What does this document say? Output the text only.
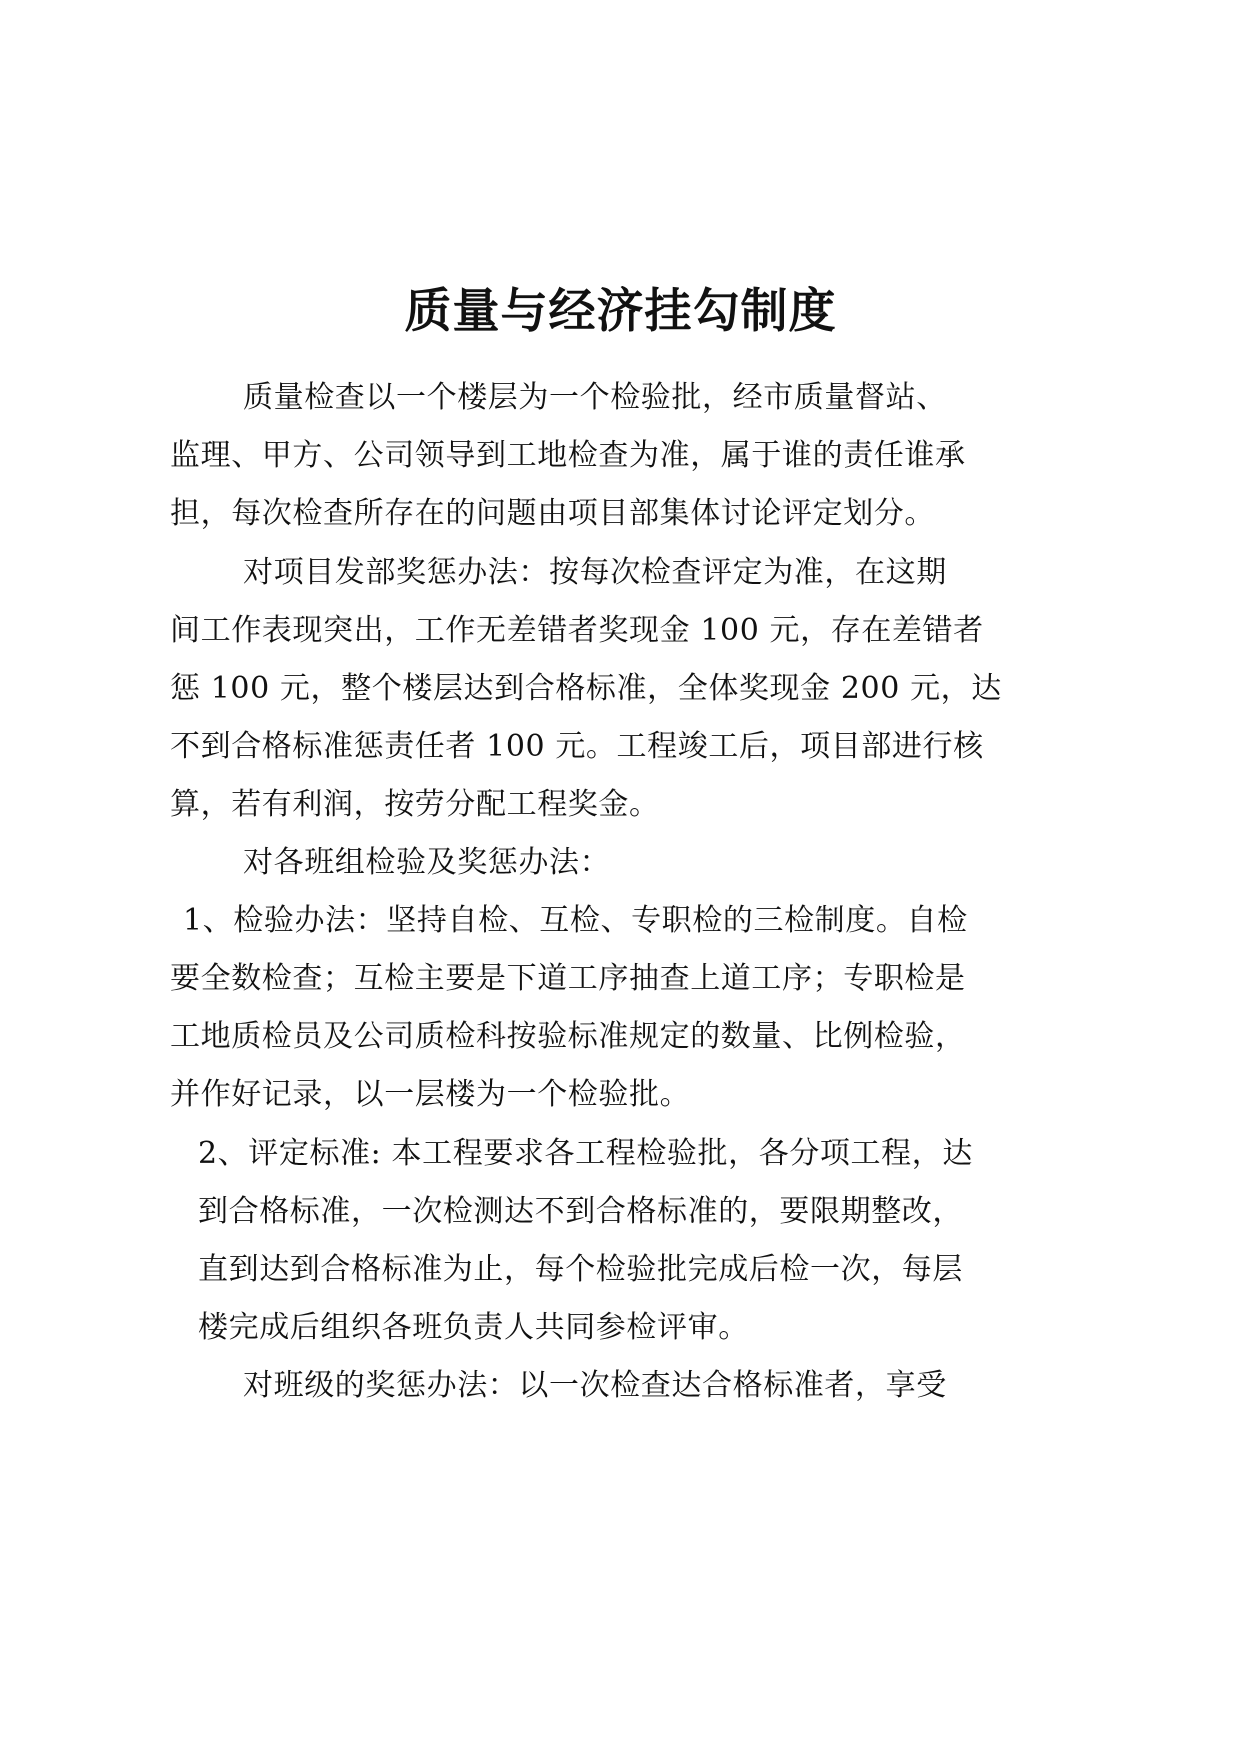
质量与经济挂勾制度
质量检查以一个楼层为一个检验批，经市质量督站、
监理、甲方、公司领导到工地检查为准，属于谁的责任谁承
担，每次检查所存在的问题由项目部集体讨论评定划分。
对项目发部奖惩办法：按每次检查评定为准，在这期
间工作表现突出，工作无差错者奖现金 100 元，存在差错者
惩 100 元，整个楼层达到合格标准，全体奖现金 200 元，达
不到合格标准惩责任者 100 元。工程竣工后，项目部进行核
算，若有利润，按劳分配工程奖金。
对各班组检验及奖惩办法：
1、检验办法：坚持自检、互检、专职检的三检制度。自检
要全数检查；互检主要是下道工序抽查上道工序；专职检是
工地质检员及公司质检科按验标准规定的数量、比例检验，
并作好记录，以一层楼为一个检验批。
2、评定标准: 本工程要求各工程检验批，各分项工程，达
到合格标准，一次检测达不到合格标准的，要限期整改，
直到达到合格标准为止，每个检验批完成后检一次，每层
楼完成后组织各班负责人共同参检评审。
对班级的奖惩办法：以一次检查达合格标准者，享受
